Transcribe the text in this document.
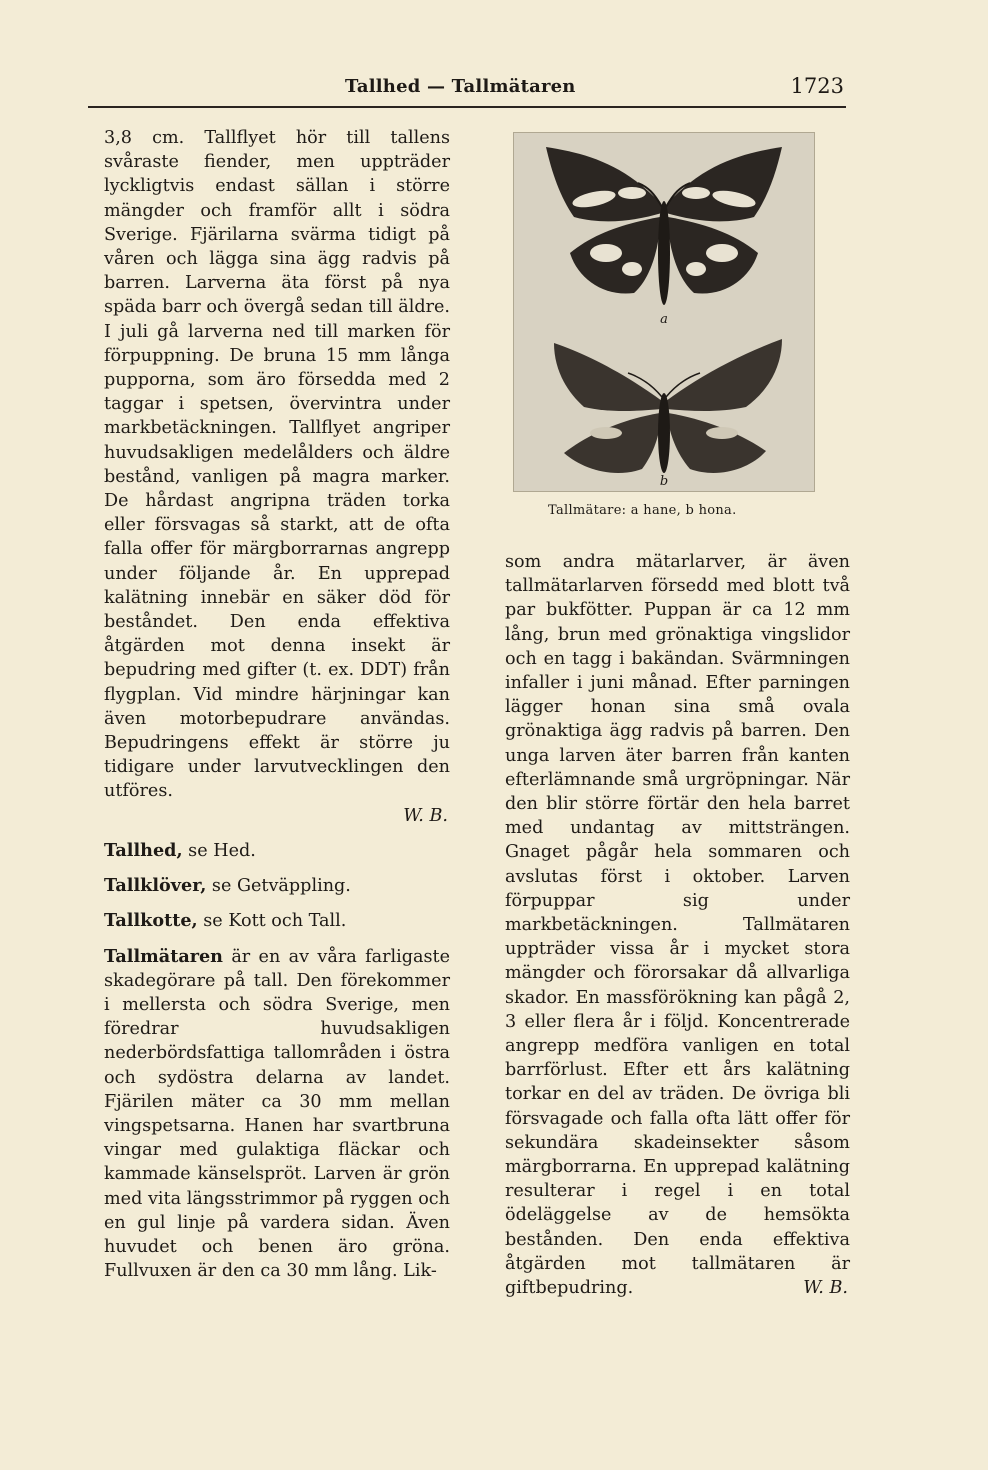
Tallhed — Tallmätaren	1723

3,8 cm. Tallflyet hör till tallens svåraste fiender, men uppträder lyckligtvis endast sällan i större mängder och framför allt i södra Sverige. Fjärilarna svärma tidigt på våren och lägga sina ägg radvis på barren. Larverna äta först på nya späda barr och övergå sedan till äldre. I juli gå larverna ned till marken för förpuppning. De bruna 15 mm långa pupporna, som äro försedda med 2 taggar i spetsen, övervintra under markbetäckningen. Tallflyet angriper huvudsakligen medelålders och äldre bestånd, vanligen på magra marker. De hårdast angripna träden torka eller försvagas så starkt, att de ofta falla offer för märgborrarnas angrepp under följande år. En upprepad kalätning innebär en säker död för beståndet. Den enda effektiva åtgärden mot denna insekt är bepudring med gifter (t. ex. DDT) från flygplan. Vid mindre härjningar kan även motorbepudrare användas. Bepudringens effekt är större ju tidigare under larvutvecklingen den utföres.

W. B.

Tallhed, se Hed.

Tallklöver, se Getväppling.

Tallkotte, se Kott och Tall.

Tallmätaren är en av våra farligaste skadegörare på tall. Den förekommer i mellersta och södra Sverige, men föredrar huvudsakligen nederbördsfattiga tallområden i östra och sydöstra delarna av landet. Fjärilen mäter ca 30 mm mellan vingspetsarna. Hanen har svartbruna vingar med gulaktiga fläckar och kammade känselspröt. Larven är grön med vita längsstrimmor på ryggen och en gul linje på vardera sidan. Även huvudet och benen äro gröna. Fullvuxen är den ca 30 mm lång. Lik-

a
b
Tallmätare: a hane, b hona.

som andra mätarlarver, är även tallmätarlarven försedd med blott två par bukfötter. Puppan är ca 12 mm lång, brun med grönaktiga vingslidor och en tagg i bakändan. Svärmningen infaller i juni månad. Efter parningen lägger honan sina små ovala grönaktiga ägg radvis på barren. Den unga larven äter barren från kanten efterlämnande små urgröpningar. När den blir större förtär den hela barret med undantag av mittsträngen. Gnaget pågår hela sommaren och avslutas först i oktober. Larven förpuppar sig under markbetäckningen. Tallmätaren uppträder vissa år i mycket stora mängder och förorsakar då allvarliga skador. En massförökning kan pågå 2, 3 eller flera år i följd. Koncentrerade angrepp medföra vanligen en total barrförlust. Efter ett års kalätning torkar en del av träden. De övriga bli försvagade och falla ofta lätt offer för sekundära skadeinsekter såsom märgborrarna. En upprepad kalätning resulterar i regel i en total ödeläggelse av de hemsökta bestånden. Den enda effektiva åtgärden mot tallmätaren är giftbepudring.	W. B.
